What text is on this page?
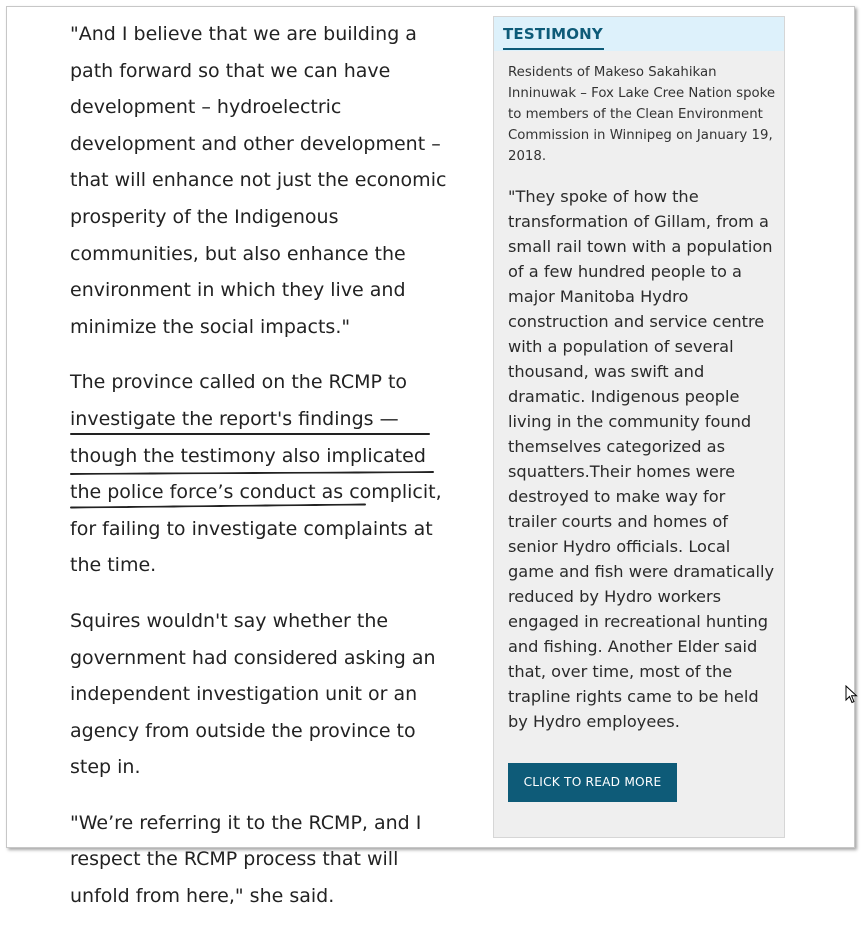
"And I believe that we are building a path forward so that we can have development – hydroelectric development and other development – that will enhance not just the economic prosperity of the Indigenous communities, but also enhance the environment in which they live and minimize the social impacts."

The province called on the RCMP to investigate the report's findings — though the testimony also implicated the police force’s conduct as complicit, for failing to investigate complaints at the time.

Squires wouldn't say whether the government had considered asking an independent investigation unit or an agency from outside the province to step in.

"We’re referring it to the RCMP, and I respect the RCMP process that will unfold from here," she said.

TESTIMONY
Residents of Makeso Sakahikan Inninuwak – Fox Lake Cree Nation spoke to members of the Clean Environment Commission in Winnipeg on January 19, 2018.
"They spoke of how the transformation of Gillam, from a small rail town with a population of a few hundred people to a major Manitoba Hydro construction and service centre with a population of several thousand, was swift and dramatic. Indigenous people living in the community found themselves categorized as squatters.Their homes were destroyed to make way for trailer courts and homes of senior Hydro officials. Local game and fish were dramatically reduced by Hydro workers engaged in recreational hunting and fishing. Another Elder said that, over time, most of the trapline rights came to be held by Hydro employees.
CLICK TO READ MORE
